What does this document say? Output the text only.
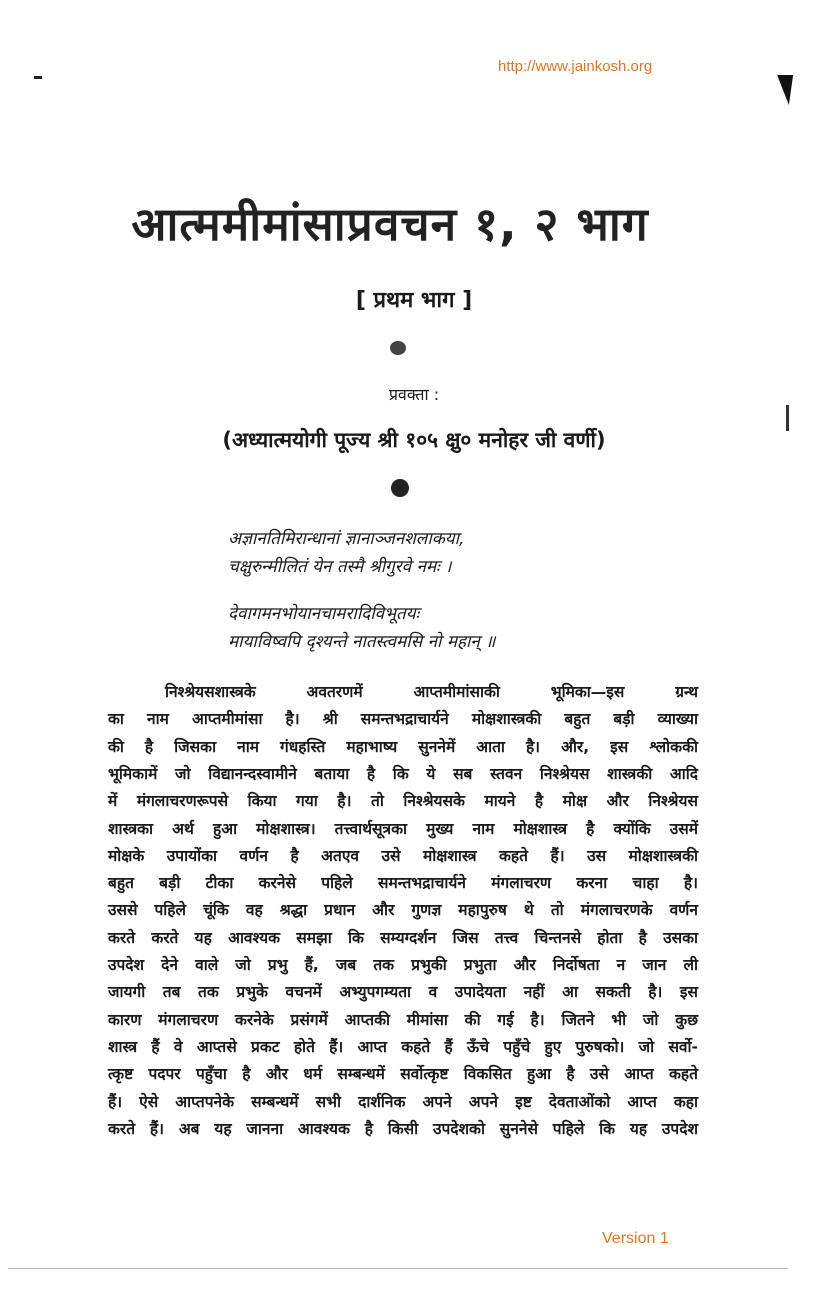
http://www.jainkosh.org
आत्ममीमांसाप्रवचन १, २ भाग
[ प्रथम भाग ]
प्रवक्ता :
(अध्यात्मयोगी पूज्य श्री १०५ क्षु० मनोहर जी वर्णी)
अज्ञानतिमिरान्धानां ज्ञानाञ्जनशलाकया,
चक्षुरुन्मीलितं येन तस्मै श्रीगुरवे नमः ।
देवागमनभोयानचामरादिविभूतयः
मायाविष्वपि दृश्यन्ते नातस्त्वमसि नो महान् ॥
निश्श्रेयसशास्त्रके अवतरणमें आप्तमीमांसाकी भूमिका—इस ग्रन्थ
का नाम आप्तमीमांसा है। श्री समन्तभद्राचार्यने मोक्षशास्त्रकी बहुत बड़ी व्याख्या
की है जिसका नाम गंधहस्ति महाभाष्य सुननेमें आता है। और, इस श्लोककी
भूमिकामें जो विद्यानन्दस्वामीने बताया है कि ये सब स्तवन निश्श्रेयस शास्त्रकी आदि
में मंगलाचरणरूपसे किया गया है। तो निश्श्रेयसके मायने है मोक्ष और निश्श्रेयस
शास्त्रका अर्थ हुआ मोक्षशास्त्र। तत्त्वार्थसूत्रका मुख्य नाम मोक्षशास्त्र है क्योंकि उसमें
मोक्षके उपायोंका वर्णन है अतएव उसे मोक्षशास्त्र कहते हैं। उस मोक्षशास्त्रकी
बहुत बड़ी टीका करनेसे पहिले समन्तभद्राचार्यने मंगलाचरण करना चाहा है।
उससे पहिले चूंकि वह श्रद्धा प्रधान और गुणज्ञ महापुरुष थे तो मंगलाचरणके वर्णन
करते करते यह आवश्यक समझा कि सम्यग्दर्शन जिस तत्त्व चिन्तनसे होता है उसका
उपदेश देने वाले जो प्रभु हैं, जब तक प्रभुकी प्रभुता और निर्दोषता न जान ली
जायगी तब तक प्रभुके वचनमें अभ्युपगम्यता व उपादेयता नहीं आ सकती है। इस
कारण मंगलाचरण करनेके प्रसंगमें आप्तकी मीमांसा की गई है। जितने भी जो कुछ
शास्त्र हैं वे आप्तसे प्रकट होते हैं। आप्त कहते हैं ऊँचे पहुँचे हुए पुरुषको। जो सर्वो-
त्कृष्ट पदपर पहुँचा है और धर्म सम्बन्धमें सर्वोत्कृष्ट विकसित हुआ है उसे आप्त कहते
हैं। ऐसे आप्तपनेके सम्बन्धमें सभी दार्शनिक अपने अपने इष्ट देवताओंको आप्त कहा
करते हैं। अब यह जानना आवश्यक है किसी उपदेशको सुननेसे पहिले कि यह उपदेश
Version 1
